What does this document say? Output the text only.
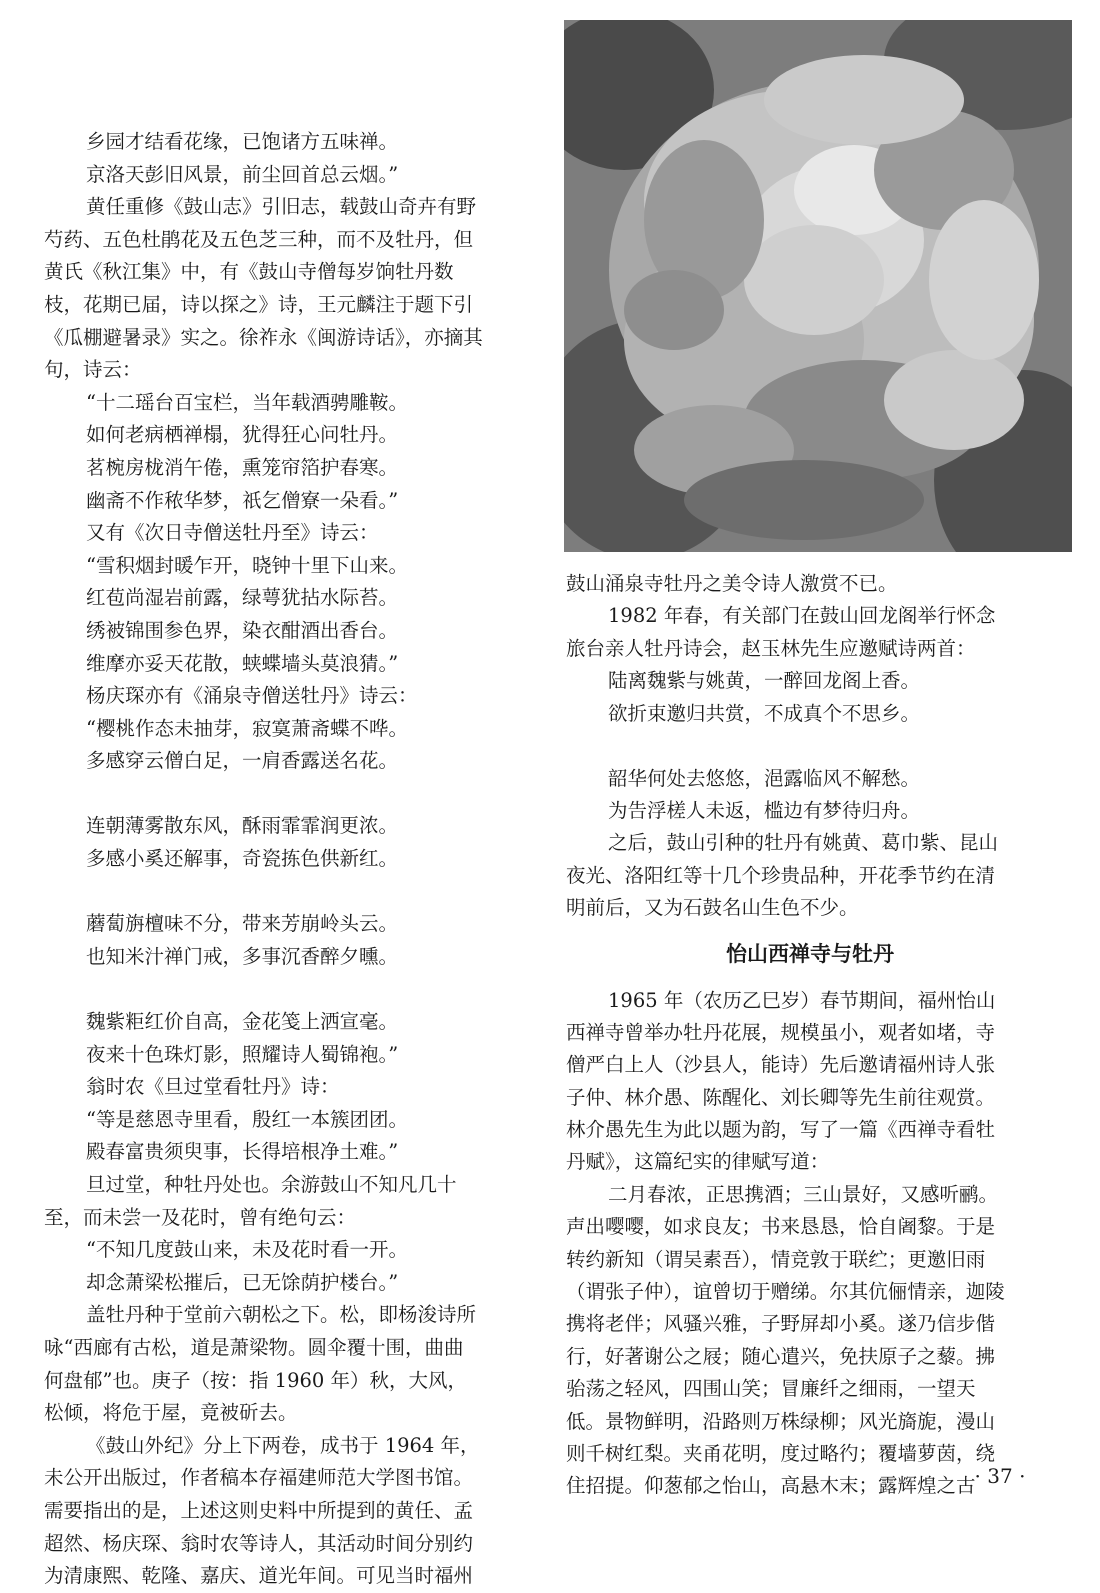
乡园才结看花缘，已饱诸方五味禅。
京洛天彭旧风景，前尘回首总云烟。”
黄任重修《鼓山志》引旧志，载鼓山奇卉有野
芍药、五色杜鹃花及五色芝三种，而不及牡丹，但
黄氏《秋江集》中，有《鼓山寺僧每岁饷牡丹数
枝，花期已届，诗以探之》诗，王元麟注于题下引
《瓜棚避暑录》实之。徐祚永《闽游诗话》，亦摘其
句，诗云：
“十二瑶台百宝栏，当年载酒骋雕鞍。
如何老病栖禅榻，犹得狂心问牡丹。
茗椀房栊消午倦，熏笼帘箔护春寒。
幽斋不作秾华梦，祇乞僧寮一朵看。”
又有《次日寺僧送牡丹至》诗云：
“雪积烟封暖乍开，晓钟十里下山来。
红苞尚湿岩前露，绿萼犹拈水际苔。
绣被锦围参色界，染衣酣酒出香台。
维摩亦妥天花散，蛱蝶墙头莫浪猜。”
杨庆琛亦有《涌泉寺僧送牡丹》诗云：
“樱桃作态未抽芽，寂寞萧斋蝶不哗。
多感穿云僧白足，一肩香露送名花。
连朝薄雾散东风，酥雨霏霏润更浓。
多感小奚还解事，奇瓷拣色供新红。
蘑蔔旃檀味不分，带来芳崩岭头云。
也知米汁禅门戒，多事沉香醉夕曛。
魏紫粔红价自高，金花笺上洒宣毫。
夜来十色珠灯影，照耀诗人蜀锦袍。”
翁时农《旦过堂看牡丹》诗：
“等是慈恩寺里看，殷红一本簇团团。
殿春富贵须臾事，长得培根净土难。”
旦过堂，种牡丹处也。余游鼓山不知凡几十
至，而未尝一及花时，曾有绝句云：
“不知几度鼓山来，未及花时看一开。
却念萧梁松摧后，已无馀荫护楼台。”
盖牡丹种于堂前六朝松之下。松，即杨浚诗所
咏“西廊有古松，道是萧梁物。圆伞覆十围，曲曲
何盘郁”也。庚子（按：指 1960 年）秋，大风，
松倾，将危于屋，竟被斫去。
《鼓山外纪》分上下两卷，成书于 1964 年，
未公开出版过，作者稿本存福建师范大学图书馆。
需要指出的是，上述这则史料中所提到的黄任、孟
超然、杨庆琛、翁时农等诗人，其活动时间分别约
为清康熙、乾隆、嘉庆、道光年间。可见当时福州
鼓山涌泉寺牡丹之美令诗人激赏不已。
1982 年春，有关部门在鼓山回龙阁举行怀念
旅台亲人牡丹诗会，赵玉林先生应邀赋诗两首：
陆离魏紫与姚黄，一醉回龙阁上香。
欲折束邀归共赏，不成真个不思乡。
韶华何处去悠悠，浥露临风不解愁。
为告浮槎人未返，槛边有梦待归舟。
之后，鼓山引种的牡丹有姚黄、葛巾紫、昆山
夜光、洛阳红等十几个珍贵品种，开花季节约在清
明前后，又为石鼓名山生色不少。
怡山西禅寺与牡丹
1965 年（农历乙巳岁）春节期间，福州怡山
西禅寺曾举办牡丹花展，规模虽小，观者如堵，寺
僧严白上人（沙县人，能诗）先后邀请福州诗人张
子仲、林介愚、陈醒化、刘长卿等先生前往观赏。
林介愚先生为此以题为韵，写了一篇《西禅寺看牡
丹赋》，这篇纪实的律赋写道：
二月春浓，正思携酒；三山景好，又感听鹂。
声出嘤嘤，如求良友；书来恳恳，恰自阇黎。于是
转约新知（谓吴素吾），情竞敦于联纻；更邀旧雨
（谓张子仲），谊曾切于赠绨。尔其伉俪情亲，迦陵
携将老伴；风骚兴雅，子野屏却小奚。遂乃信步偕
行，好著谢公之屐；随心遣兴，免扶原子之藜。拂
骀荡之轻风，四围山笑；冒廉纤之细雨，一望天
低。景物鲜明，沿路则万株绿柳；风光旖旎，漫山
则千树红梨。夹甬花明，度过略彴；覆墙萝茵，绕
住招提。仰葱郁之怡山，高悬木末；露辉煌之古 · 37 ·
